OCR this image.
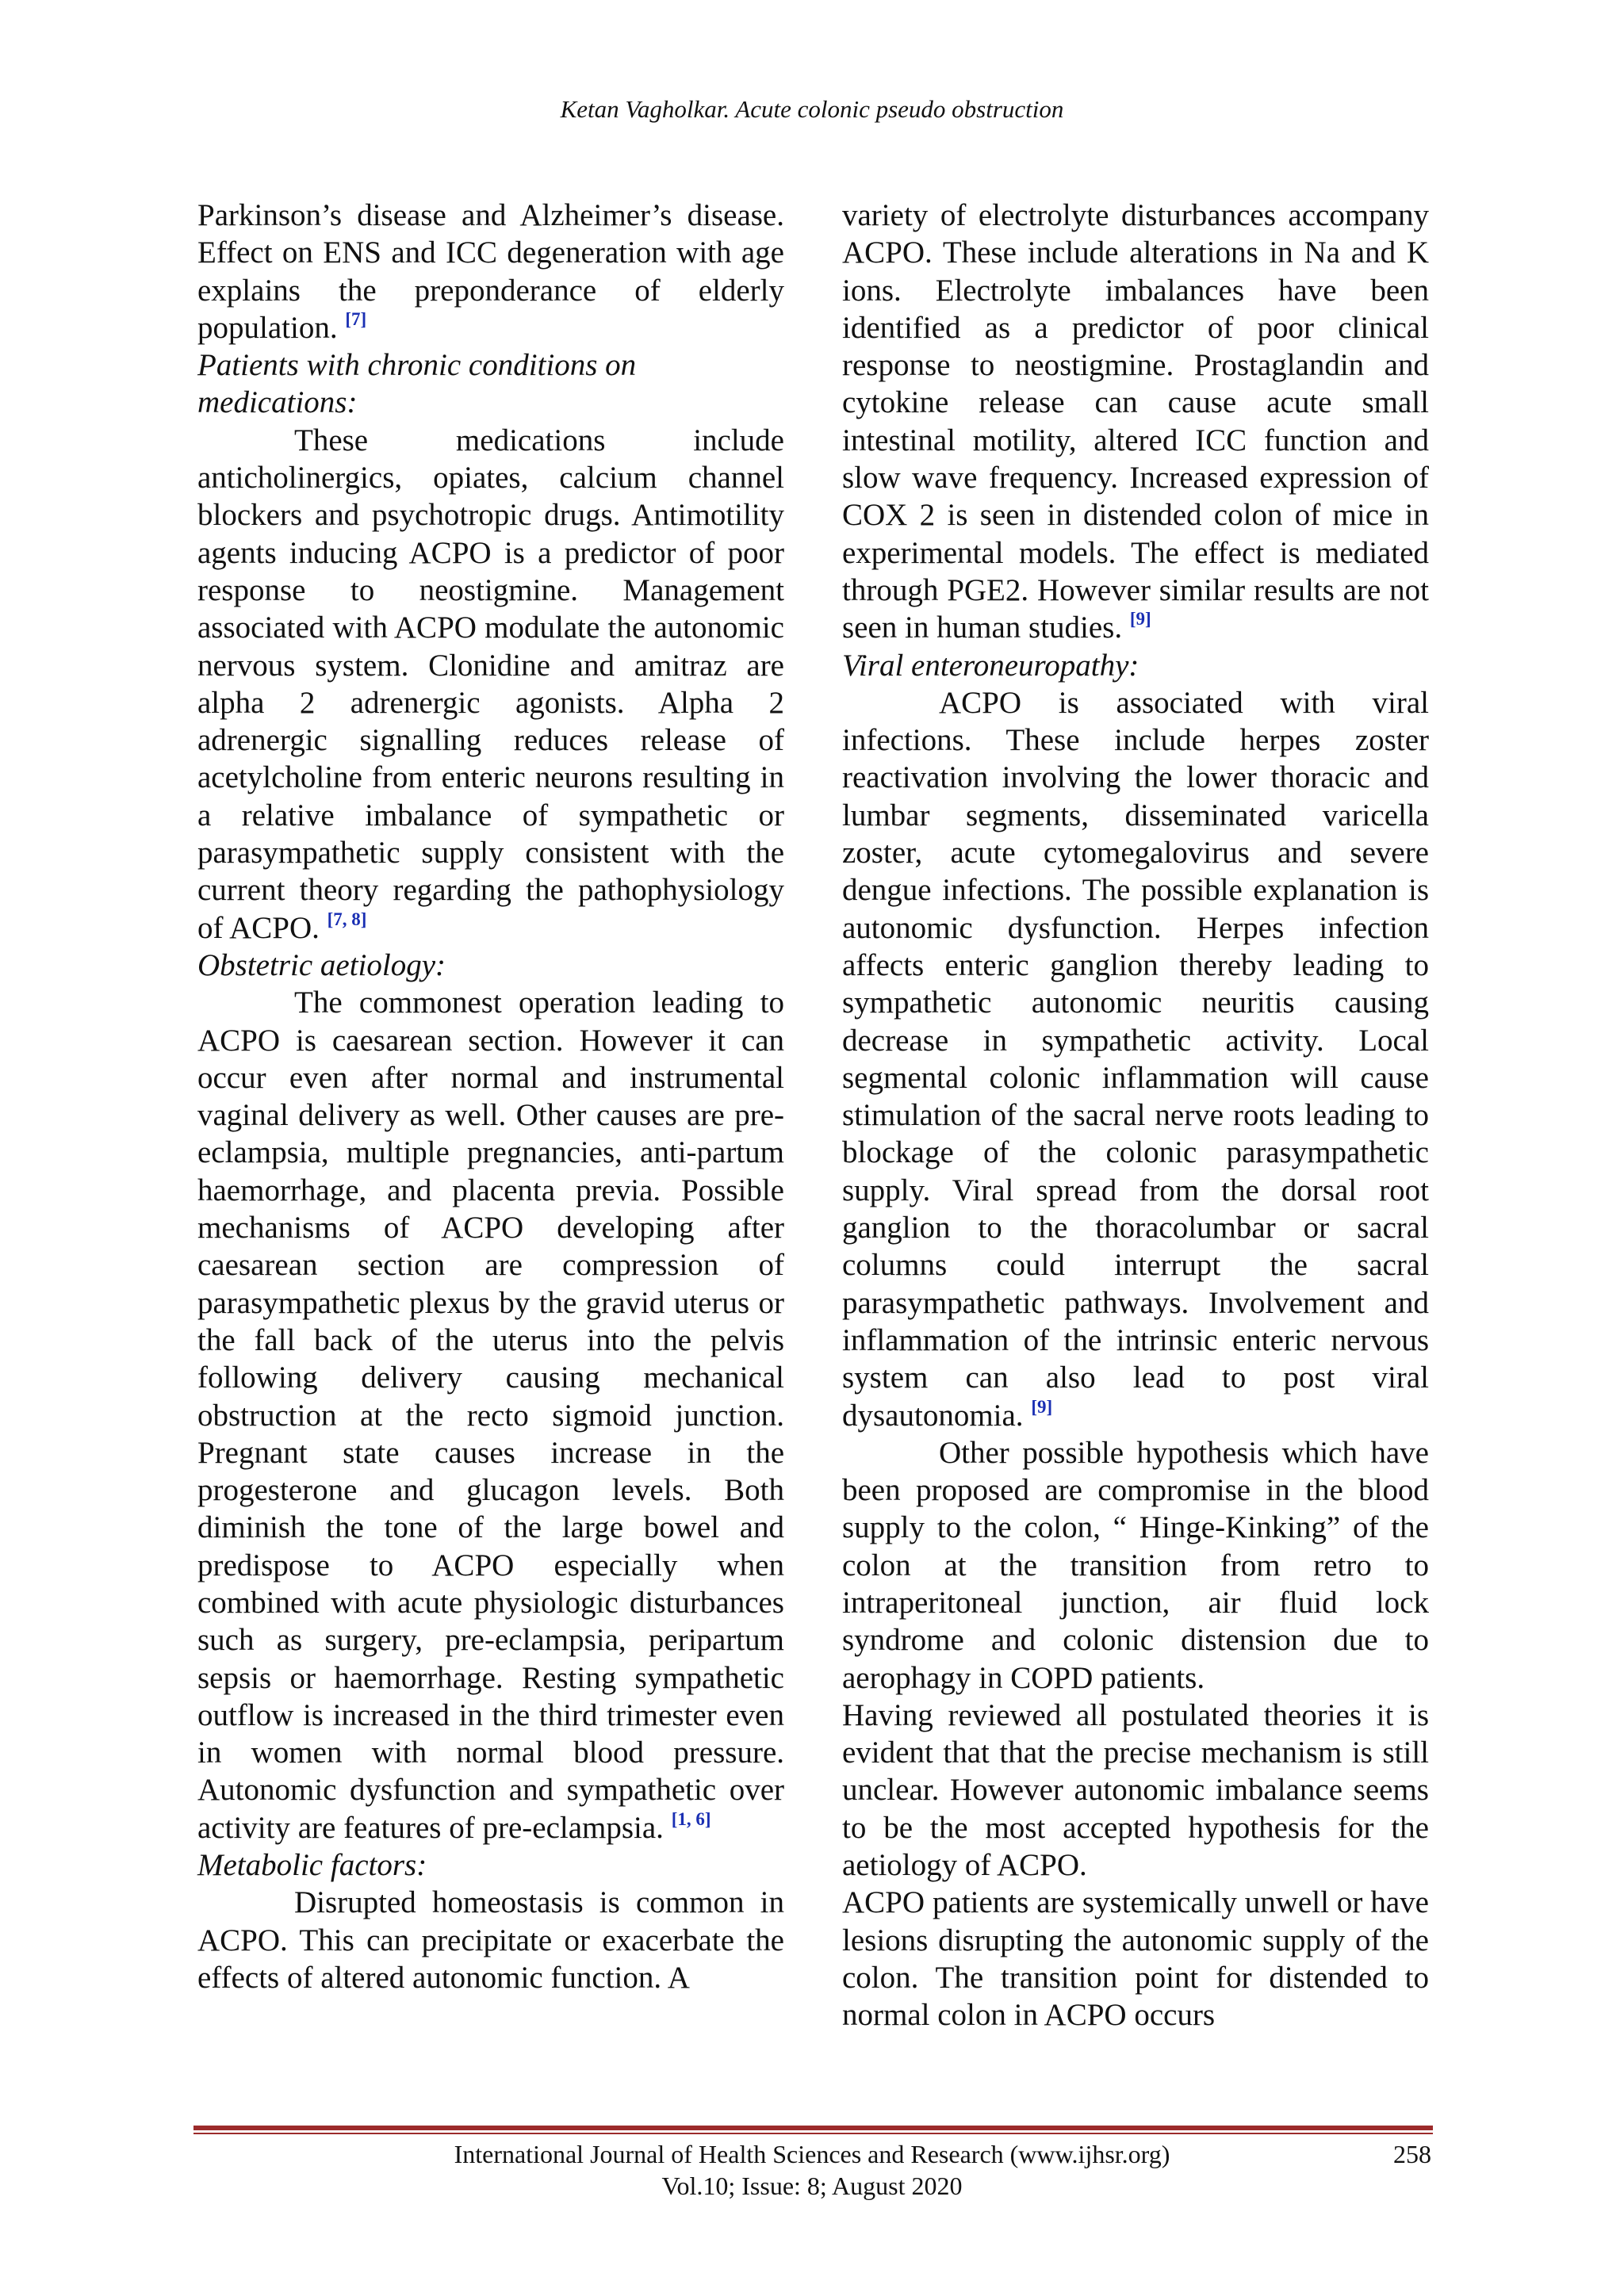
Ketan Vagholkar. Acute colonic pseudo obstruction

Parkinson’s disease and Alzheimer’s disease. Effect on ENS and ICC degeneration with age explains the preponderance of elderly population. [7]

Patients with chronic conditions on medications:

These medications include anticholinergics, opiates, calcium channel blockers and psychotropic drugs. Antimotility agents inducing ACPO is a predictor of poor response to neostigmine. Management associated with ACPO modulate the autonomic nervous system. Clonidine and amitraz are alpha 2 adrenergic agonists. Alpha 2 adrenergic signalling reduces release of acetylcholine from enteric neurons resulting in a relative imbalance of sympathetic or parasympathetic supply consistent with the current theory regarding the pathophysiology of ACPO. [7, 8]

Obstetric aetiology:

The commonest operation leading to ACPO is caesarean section. However it can occur even after normal and instrumental vaginal delivery as well. Other causes are pre-eclampsia, multiple pregnancies, anti-partum haemorrhage, and placenta previa. Possible mechanisms of ACPO developing after caesarean section are compression of parasympathetic plexus by the gravid uterus or the fall back of the uterus into the pelvis following delivery causing mechanical obstruction at the recto sigmoid junction. Pregnant state causes increase in the progesterone and glucagon levels. Both diminish the tone of the large bowel and predispose to ACPO especially when combined with acute physiologic disturbances such as surgery, pre-eclampsia, peripartum sepsis or haemorrhage. Resting sympathetic outflow is increased in the third trimester even in women with normal blood pressure. Autonomic dysfunction and sympathetic over activity are features of pre-eclampsia. [1, 6]

Metabolic factors:

Disrupted homeostasis is common in ACPO. This can precipitate or exacerbate the effects of altered autonomic function. A

variety of electrolyte disturbances accompany ACPO. These include alterations in Na and K ions. Electrolyte imbalances have been identified as a predictor of poor clinical response to neostigmine. Prostaglandin and cytokine release can cause acute small intestinal motility, altered ICC function and slow wave frequency. Increased expression of COX 2 is seen in distended colon of mice in experimental models. The effect is mediated through PGE2. However similar results are not seen in human studies. [9]

Viral enteroneuropathy:

ACPO is associated with viral infections. These include herpes zoster reactivation involving the lower thoracic and lumbar segments, disseminated varicella zoster, acute cytomegalovirus and severe dengue infections. The possible explanation is autonomic dysfunction. Herpes infection affects enteric ganglion thereby leading to sympathetic autonomic neuritis causing decrease in sympathetic activity. Local segmental colonic inflammation will cause stimulation of the sacral nerve roots leading to blockage of the colonic parasympathetic supply. Viral spread from the dorsal root ganglion to the thoracolumbar or sacral columns could interrupt the sacral parasympathetic pathways. Involvement and inflammation of the intrinsic enteric nervous system can also lead to post viral dysautonomia. [9]

Other possible hypothesis which have been proposed are compromise in the blood supply to the colon, “ Hinge-Kinking” of the colon at the transition from retro to intraperitoneal junction, air fluid lock syndrome and colonic distension due to aerophagy in COPD patients.

Having reviewed all postulated theories it is evident that that the precise mechanism is still unclear. However autonomic imbalance seems to be the most accepted hypothesis for the aetiology of ACPO.

ACPO patients are systemically unwell or have lesions disrupting the autonomic supply of the colon. The transition point for distended to normal colon in ACPO occurs

International Journal of Health Sciences and Research (www.ijhsr.org)
Vol.10; Issue: 8; August 2020
258
